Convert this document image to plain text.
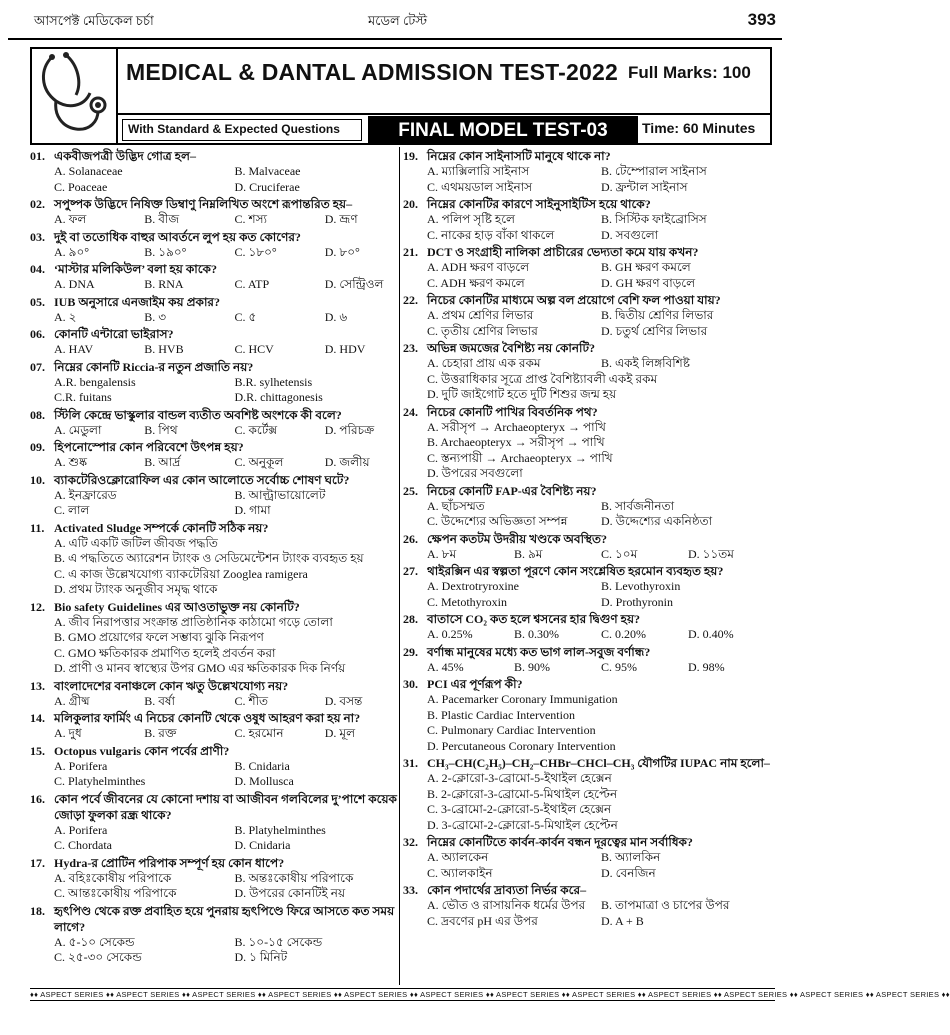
আসপেক্ট মেডিকেল চর্চা	মডেল টেস্ট	393
MEDICAL & DANTAL ADMISSION TEST-2022 Full Marks: 100
With Standard & Expected Questions	FINAL MODEL TEST-03	Time: 60 Minutes
01. একবীজপত্রী উদ্ভিদ গোত্র হল–
A. Solanaceae	B. Malvaceae
C. Poaceae	D. Cruciferae
02. সপুষ্পক উদ্ভিদে নিষিক্ত ডিম্বাণু নিম্নলিখিত অংশে রূপান্তরিত হয়–
A. ফল	B. বীজ	C. শস্য	D. ভ্রূণ
03. দুই বা ততোধিক বাহুর আবর্তনে লুপ হয় কত কোণের?
A. ৯০°	B. ১৯০°	C. ১৮০°	D. ৮০°
04. ‘মাস্টার মলিকিউল’ বলা হয় কাকে?
A. DNA	B. RNA	C. ATP	D. সেন্ট্রিওল
05. IUB অনুসারে এনজাইম কয় প্রকার?
A. ২	B. ৩	C. ৫	D. ৬
06. কোনটি এন্টারো ভাইরাস?
A. HAV	B. HVB	C. HCV	D. HDV
07. নিম্নের কোনটি Riccia-র নতুন প্রজাতি নয়?
A.R. bengalensis	B.R. sylhetensis
C.R. fuitans	D.R. chittagonesis
08. স্টিলি কেন্দ্রে ভাস্কুলার বান্ডল ব্যতীত অবশিষ্ট অংশকে কী বলে?
A. মেডুলা	B. পিথ	C. কর্টেক্স	D. পরিচক্র
09. হিপনোস্পোর কোন পরিবেশে উৎপন্ন হয়?
A. শুষ্ক	B. আর্দ্র	C. অনুকূল	D. জলীয়
10. ব্যাকটেরিওক্লোরোফিল এর কোন আলোতে সর্বোচ্চ শোষণ ঘটে?
A. ইনফ্রারেড	B. আল্ট্রাভায়োলেট
C. লাল	D. গামা
11. Activated Sludge সম্পর্কে কোনটি সঠিক নয়?
A. এটি একটি জটিল জীবজ পদ্ধতি
B. এ পদ্ধতিতে অ্যারেশন ট্যাংক ও সেডিমেন্টেশন ট্যাংক ব্যবহৃত হয়
C. এ কাজ উল্লেখযোগ্য ব্যাকটেরিয়া Zooglea ramigera
D. প্রথম ট্যাংক অনুজীব সমৃদ্ধ থাকে
12. Bio safety Guidelines এর আওতাভুক্ত নয় কোনটি?
A. জীব নিরাপত্তার সংক্রান্ত প্রাতিষ্ঠানিক কাঠামো গড়ে তোলা
B. GMO প্রয়োগের ফলে সম্ভাব্য ঝুকি নিরূপণ
C. GMO ক্ষতিকারক প্রমাণিত হলেই প্রবর্তন করা
D. প্রাণী ও মানব স্বাস্থ্যের উপর GMO এর ক্ষতিকারক দিক নির্ণয়
13. বাংলাদেশের বনাঞ্চলে কোন ঋতু উল্লেখযোগ্য নয়?
A. গ্রীষ্ম	B. বর্ষা	C. শীত	D. বসন্ত
14. মলিকুলার ফার্মিং এ নিচের কোনটি থেকে ওষুধ আহরণ করা হয় না?
A. দুধ	B. রক্ত	C. হরমোন	D. মূল
15. Octopus vulgaris কোন পর্বের প্রাণী?
A. Porifera	B. Cnidaria
C. Platyhelminthes	D. Mollusca
16. কোন পর্বে জীবনের যে কোনো দশায় বা আজীবন গলবিলের দু’পাশে কয়েক জোড়া ফুলকা রন্ধ্র থাকে?
A. Porifera	B. Platyhelminthes
C. Chordata	D. Cnidaria
17. Hydra-র প্রোটিন পরিপাক সম্পূর্ণ হয় কোন ধাপে?
A. বহিঃকোষীয় পরিপাকে	B. অন্তঃকোষীয় পরিপাকে
C. আন্তঃকোষীয় পরিপাকে	D. উপরের কোনটিই নয়
18. হৃৎপিণ্ড থেকে রক্ত প্রবাহিত হয়ে পুনরায় হৃৎপিণ্ডে ফিরে আসতে কত সময় লাগে?
A. ৫-১০ সেকেন্ড	B. ১০-১৫ সেকেন্ড
C. ২৫-৩০ সেকেন্ড	D. ১ মিনিট
19. নিম্নের কোন সাইনাসটি মানুষে থাকে না?
A. ম্যাক্সিলারি সাইনাস	B. টেম্পোরাল সাইনাস
C. এথময়ডাল সাইনাস	D. ফ্রন্টাল সাইনাস
20. নিম্নের কোনটির কারণে সাইনুসাইটিস হয়ে থাকে?
A. পলিপ সৃষ্টি হলে	B. সিস্টিক ফাইব্রোসিস
C. নাকের হাড় বাঁকা থাকলে	D. সবগুলো
21. DCT ও সংগ্রাহী নালিকা প্রাচীরের ভেদ্যতা কমে যায় কখন?
A. ADH ক্ষরণ বাড়লে	B. GH ক্ষরণ কমলে
C. ADH ক্ষরণ কমলে	D. GH ক্ষরণ বাড়লে
22. নিচের কোনটির মাধ্যমে অল্প বল প্রয়োগে বেশি ফল পাওয়া যায়?
A. প্রথম শ্রেণির লিভার	B. দ্বিতীয় শ্রেণির লিভার
C. তৃতীয় শ্রেণির লিভার	D. চতুর্থ শ্রেণির লিভার
23. অভিন্ন জমজের বৈশিষ্ট্য নয় কোনটি?
A. চেহারা প্রায় এক রকম	B. একই লিঙ্গবিশিষ্ট
C. উত্তরাধিকার সূত্রে প্রাপ্ত বৈশিষ্ট্যাবলী একই রকম
D. দুটি জাইগোট হতে দুটি শিশুর জন্ম হয়
24. নিচের কোনটি পাখির বিবর্তনিক পথ?
A. সরীসৃপ → Archaeopteryx → পাখি
B. Archaeopteryx → সরীসৃপ → পাখি
C. স্তন্যপায়ী → Archaeopteryx → পাখি
D. উপরের সবগুলো
25. নিচের কোনটি FAP-এর বৈশিষ্ট্য নয়?
A. ছাঁচসম্মত	B. সার্বজনীনতা
C. উদ্দেশ্যের অভিজ্ঞতা সম্পন্ন	D. উদ্দেশ্যের একনিষ্ঠতা
26. ক্ষেপন কতটম উদরীয় খণ্ডকে অবস্থিত?
A. ৮ম	B. ৯ম	C. ১০ম	D. ১১তম
27. থাইরক্সিন এর স্বল্পতা পূরণে কোন সংশ্লেষিত হরমোন ব্যবহৃত হয়?
A. Dextrotryroxine	B. Levothyroxin
C. Metothyroxin	D. Prothyronin
28. বাতাসে CO₂ কত হলে শ্বসনের হার দ্বিগুণ হয়?
A. 0.25%	B. 0.30%	C. 0.20%	D. 0.40%
29. বর্ণান্ধ মানুষের মধ্যে কত ভাগ লাল-সবুজ বর্ণান্ধ?
A. 45%	B. 90%	C. 95%	D. 98%
30. PCI এর পূর্ণরূপ কী?
A. Pacemarker Coronary Immunigation
B. Plastic Cardiac Intervention
C. Pulmonary Cardiac Intervention
D. Percutaneous Coronary Intervention
31. CH₃–CH(C₂H₅)–CH₂–CHBr–CHCl–CH₃ যৌগটির IUPAC নাম হলো–
A. 2-ক্লোরো-3-ব্রোমো-5-ইথাইল হেক্সেন
B. 2-ক্লোরো-3-ব্রোমো-5-মিথাইল হেপ্টেন
C. 3-ব্রোমো-2-ক্লোরো-5-ইথাইল হেক্সেন
D. 3-ব্রোমো-2-ক্লোরো-5-মিথাইল হেপ্টেন
32. নিম্নের কোনটিতে কার্বন-কার্বন বন্ধন দূরত্বের মান সর্বাধিক?
A. অ্যালকেন	B. অ্যালকিন
C. অ্যালকাইন	D. বেনজিন
33. কোন পদার্থের দ্রাব্যতা নির্ভর করে–
A. ভৌত ও রাসায়নিক ধর্মের উপর	B. তাপমাত্রা ও চাপের উপর
C. দ্রবণের pH এর উপর	D. A + B
♦♦ ASPECT SERIES ♦♦ ASPECT SERIES ♦♦ ASPECT SERIES ♦♦ ASPECT SERIES ♦♦ ASPECT SERIES ♦♦ ASPECT SERIES ♦♦ ASPECT SERIES ♦♦ ASPECT SERIES ♦♦ ASPECT SERIES ♦♦ ASPECT SERIES ♦♦ ASPECT SERIES ♦♦ ASPECT SERIES ♦♦
